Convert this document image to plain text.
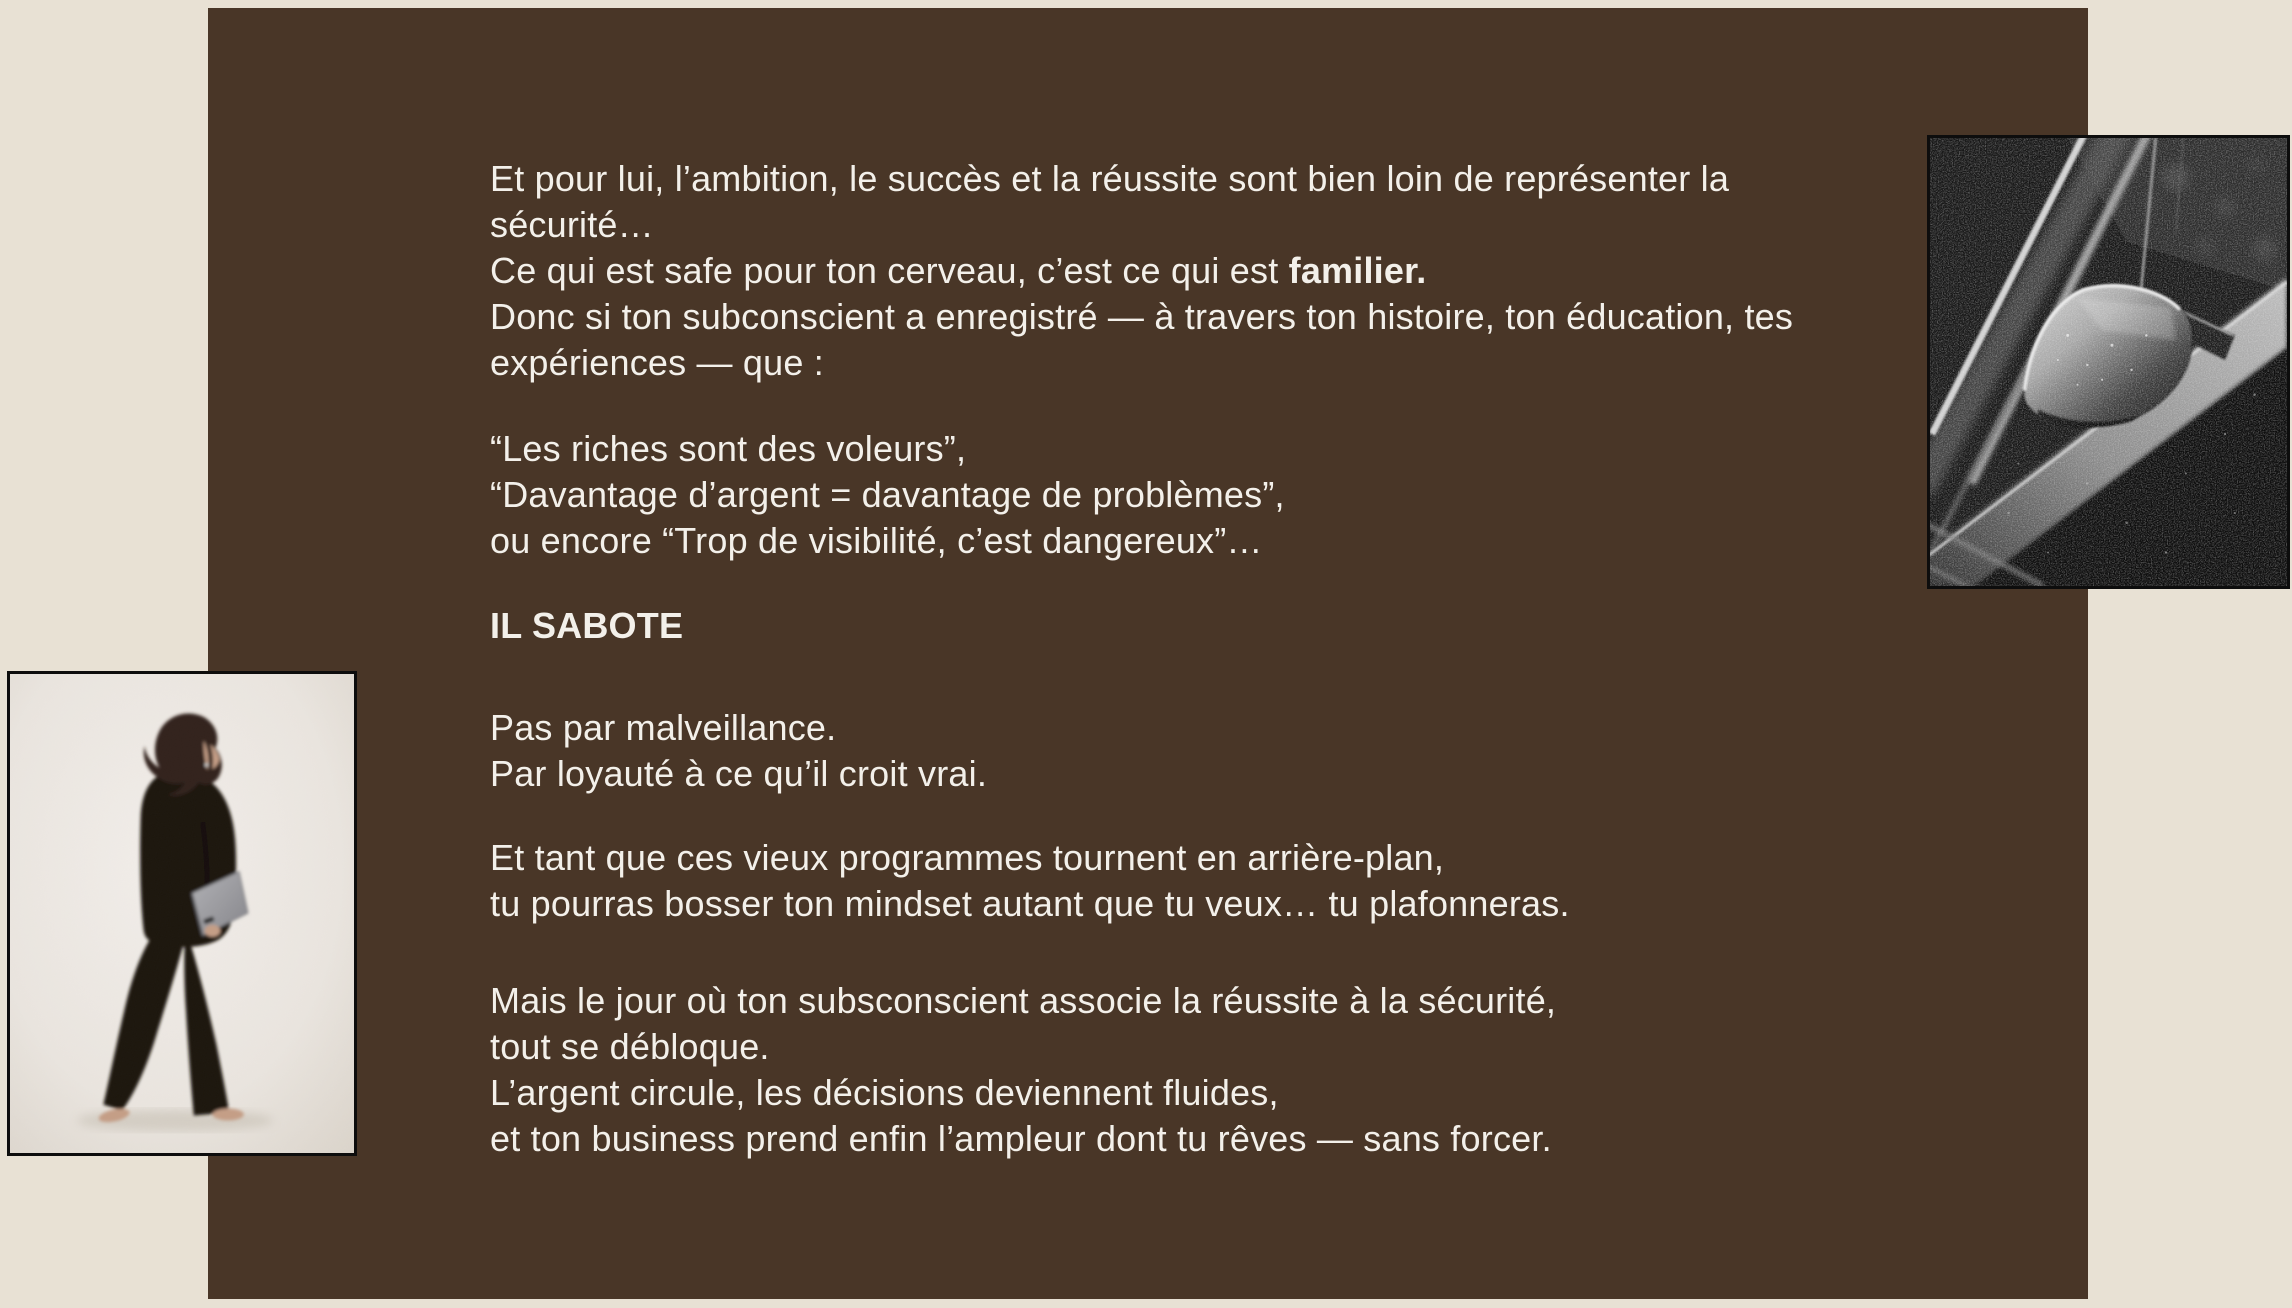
Et pour lui, l’ambition, le succès et la réussite sont bien loin de représenter la

sécurité…

Ce qui est safe pour ton cerveau, c’est ce qui est familier.

Donc si ton subconscient a enregistré — à travers ton histoire, ton éducation, tes

expériences — que :

“Les riches sont des voleurs”,

“Davantage d’argent = davantage de problèmes”,

ou encore “Trop de visibilité, c’est dangereux”…

IL SABOTE

Pas par malveillance.

Par loyauté à ce qu’il croit vrai.

Et tant que ces vieux programmes tournent en arrière-plan,

tu pourras bosser ton mindset autant que tu veux… tu plafonneras.

Mais le jour où ton subsconscient associe la réussite à la sécurité,

tout se débloque.

L’argent circule, les décisions deviennent fluides,

et ton business prend enfin l’ampleur dont tu rêves — sans forcer.
